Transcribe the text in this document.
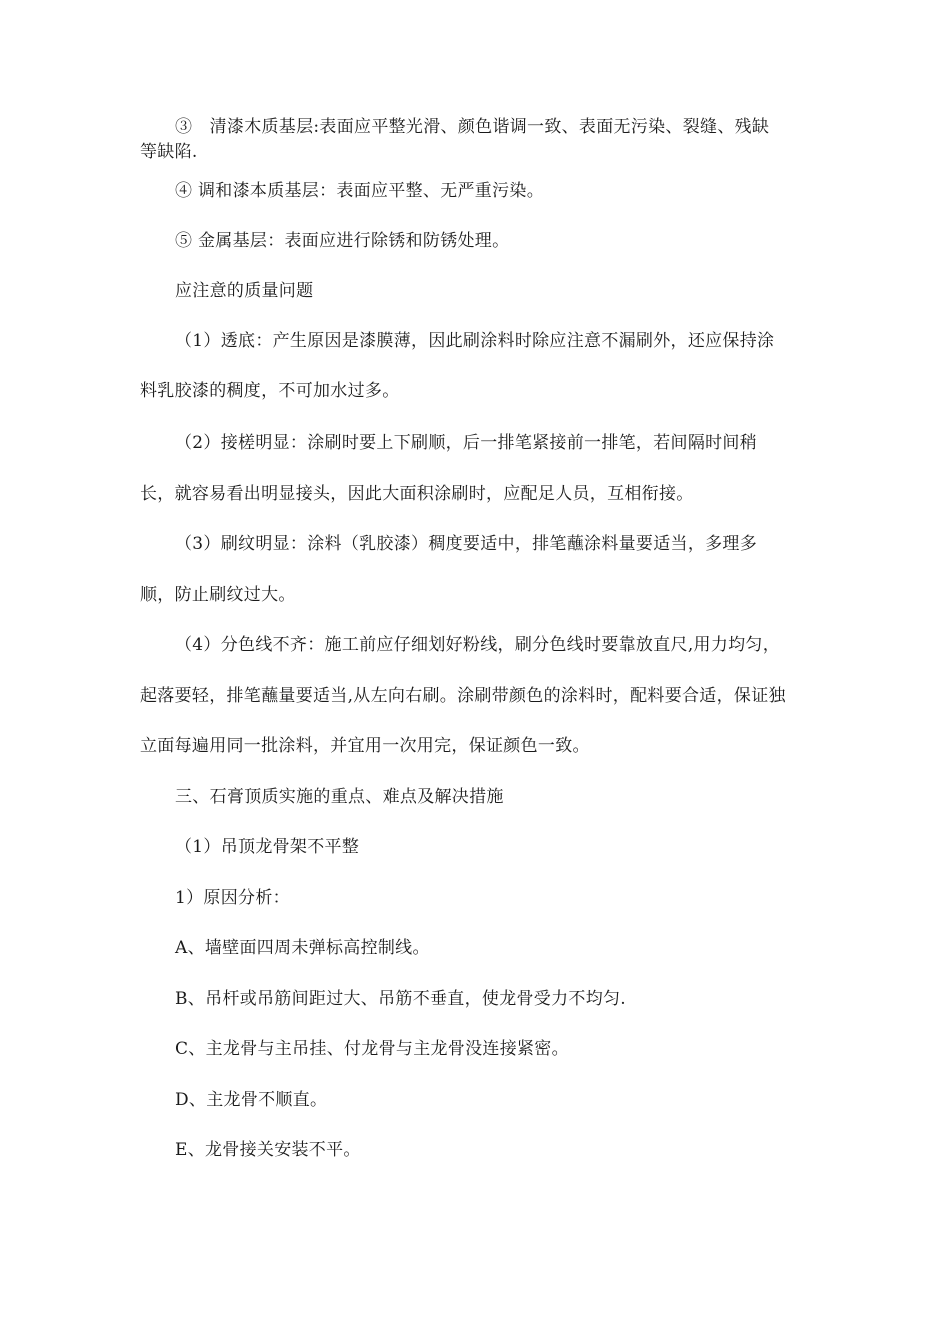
③　清漆木质基层:表面应平整光滑、颜色谐调一致、表面无污染、裂缝、残缺
等缺陷.
④ 调和漆本质基层：表面应平整、无严重污染。
⑤ 金属基层：表面应进行除锈和防锈处理。
应注意的质量问题
（1）透底：产生原因是漆膜薄，因此刷涂料时除应注意不漏刷外，还应保持涂
料乳胶漆的稠度，不可加水过多。
（2）接槎明显：涂刷时要上下刷顺，后一排笔紧接前一排笔，若间隔时间稍
长，就容易看出明显接头，因此大面积涂刷时，应配足人员，互相衔接。
（3）刷纹明显：涂料（乳胶漆）稠度要适中，排笔蘸涂料量要适当，多理多
顺，防止刷纹过大。
（4）分色线不齐：施工前应仔细划好粉线，刷分色线时要靠放直尺,用力均匀，
起落要轻，排笔蘸量要适当,从左向右刷。涂刷带颜色的涂料时，配料要合适，保证独
立面每遍用同一批涂料，并宜用一次用完，保证颜色一致。
三、石膏顶质实施的重点、难点及解决措施
（1）吊顶龙骨架不平整
1）原因分析：
A、墙壁面四周未弹标高控制线。
B、吊杆或吊筋间距过大、吊筋不垂直，使龙骨受力不均匀.
C、主龙骨与主吊挂、付龙骨与主龙骨没连接紧密。
D、主龙骨不顺直。
E、龙骨接关安装不平。
